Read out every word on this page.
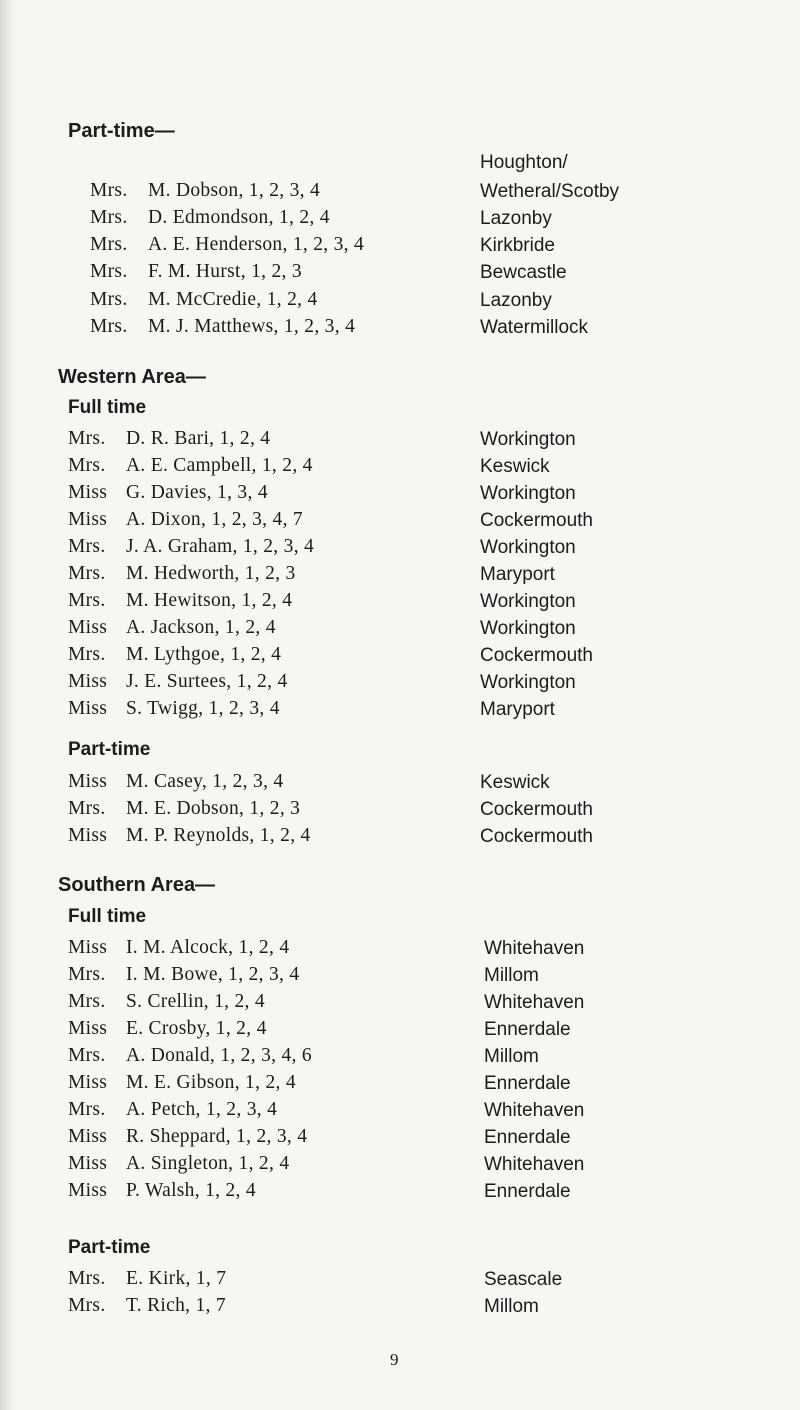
Part-time—
Houghton/
Mrs. M. Dobson, 1, 2, 3, 4	Wetheral/Scotby
Mrs. D. Edmondson, 1, 2, 4	Lazonby
Mrs. A. E. Henderson, 1, 2, 3, 4	Kirkbride
Mrs. F. M. Hurst, 1, 2, 3	Bewcastle
Mrs. M. McCredie, 1, 2, 4	Lazonby
Mrs. M. J. Matthews, 1, 2, 3, 4	Watermillock
Western Area—
Full time
Mrs. D. R. Bari, 1, 2, 4	Workington
Mrs. A. E. Campbell, 1, 2, 4	Keswick
Miss G. Davies, 1, 3, 4	Workington
Miss A. Dixon, 1, 2, 3, 4, 7	Cockermouth
Mrs. J. A. Graham, 1, 2, 3, 4	Workington
Mrs. M. Hedworth, 1, 2, 3	Maryport
Mrs. M. Hewitson, 1, 2, 4	Workington
Miss A. Jackson, 1, 2, 4	Workington
Mrs. M. Lythgoe, 1, 2, 4	Cockermouth
Miss J. E. Surtees, 1, 2, 4	Workington
Miss S. Twigg, 1, 2, 3, 4	Maryport
Part-time
Miss M. Casey, 1, 2, 3, 4	Keswick
Mrs. M. E. Dobson, 1, 2, 3	Cockermouth
Miss M. P. Reynolds, 1, 2, 4	Cockermouth
Southern Area—
Full time
Miss I. M. Alcock, 1, 2, 4	Whitehaven
Mrs. I. M. Bowe, 1, 2, 3, 4	Millom
Mrs. S. Crellin, 1, 2, 4	Whitehaven
Miss E. Crosby, 1, 2, 4	Ennerdale
Mrs. A. Donald, 1, 2, 3, 4, 6	Millom
Miss M. E. Gibson, 1, 2, 4	Ennerdale
Mrs. A. Petch, 1, 2, 3, 4	Whitehaven
Miss R. Sheppard, 1, 2, 3, 4	Ennerdale
Miss A. Singleton, 1, 2, 4	Whitehaven
Miss P. Walsh, 1, 2, 4	Ennerdale
Part-time
Mrs. E. Kirk, 1, 7	Seascale
Mrs. T. Rich, 1, 7	Millom
9
